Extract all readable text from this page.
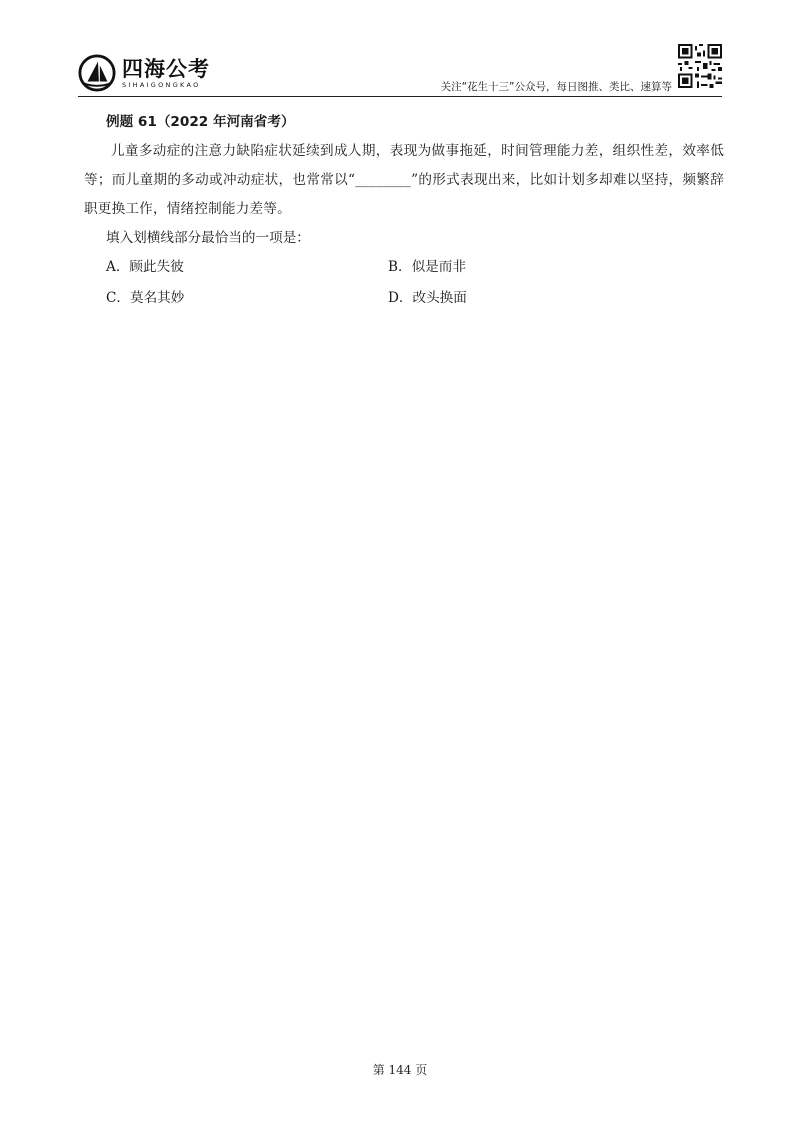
四海公考
SIHAIGONGKAO	关注“花生十三”公众号，每日图推、类比、速算等
例题 61（2022 年河南省考）
儿童多动症的注意力缺陷症状延续到成人期，表现为做事拖延，时间管理能力差，组织性差，效率低等；而儿童期的多动或冲动症状，也常常以“________”的形式表现出来，比如计划多却难以坚持，频繁辞职更换工作，情绪控制能力差等。
填入划横线部分最恰当的一项是：
A．顾此失彼	B．似是而非
C．莫名其妙	D．改头换面
第 144 页
